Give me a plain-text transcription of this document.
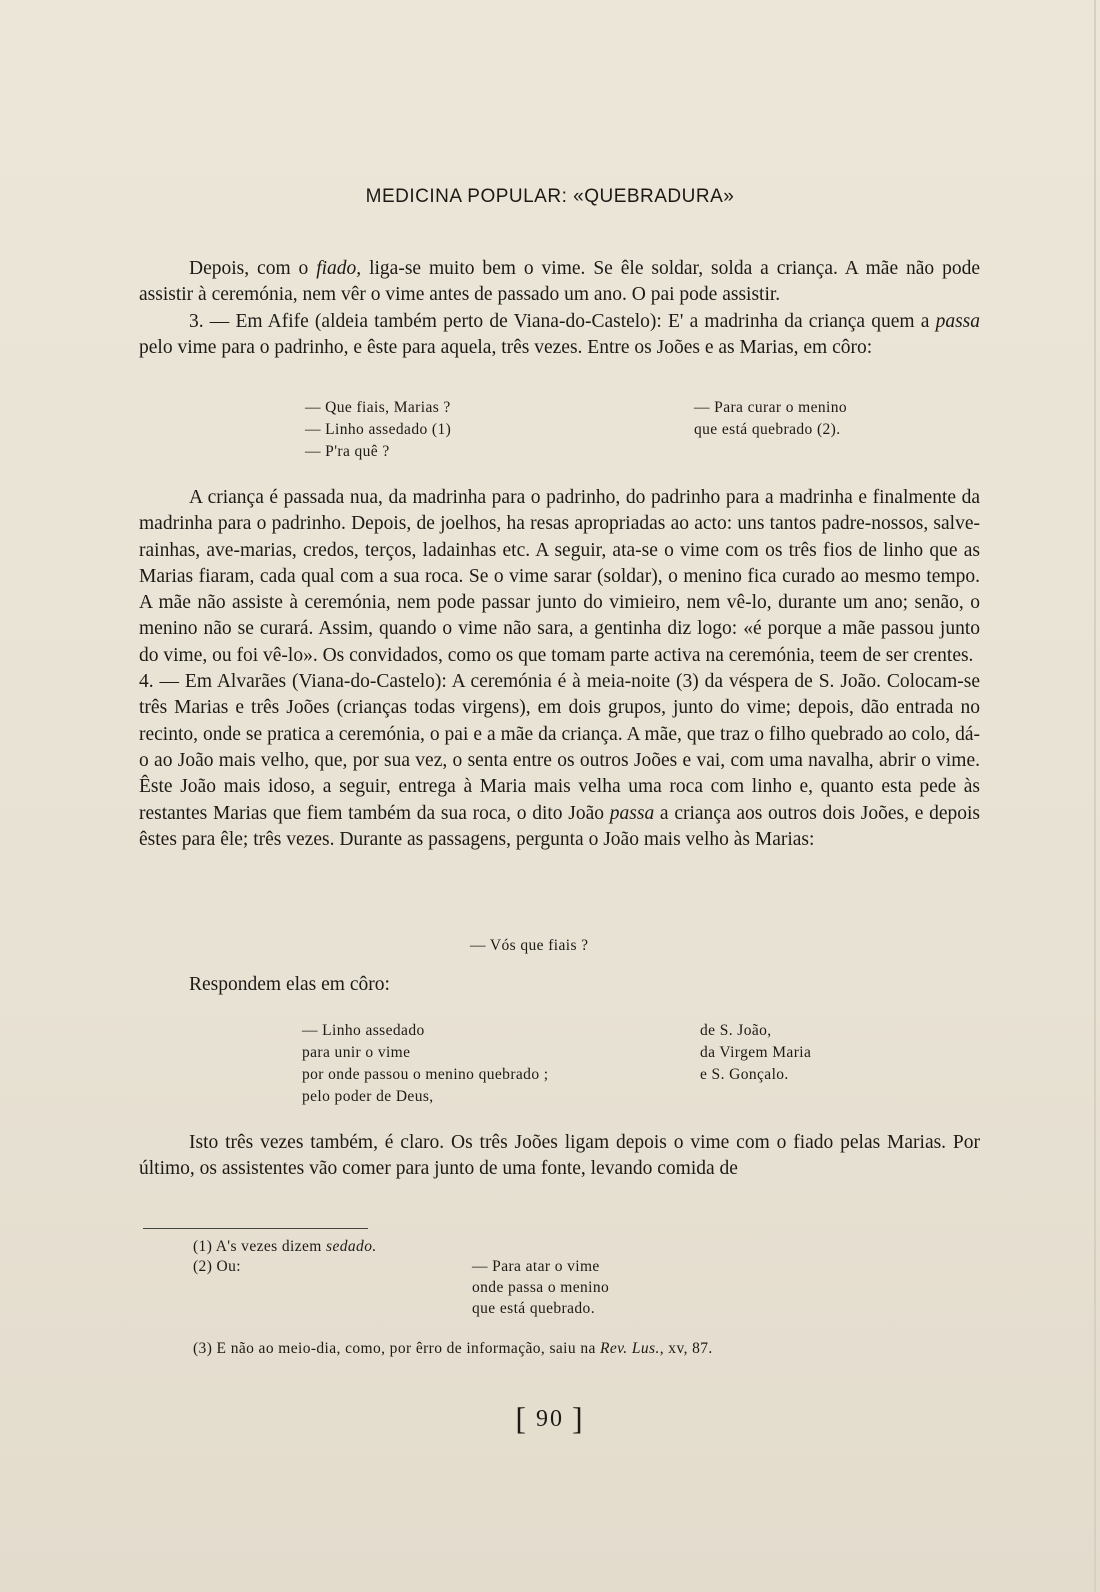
MEDICINA POPULAR: «QUEBRADURA»

Depois, com o fiado, liga-se muito bem o vime. Se êle soldar, solda a criança. A mãe não pode assistir à ceremónia, nem vêr o vime antes de passado um ano. O pai pode assistir.

3. — Em Afife (aldeia também perto de Viana-do-Castelo): E' a madrinha da criança quem a passa pelo vime para o padrinho, e êste para aquela, três vezes. Entre os Joões e as Marias, em côro:

— Que fiais, Marias ?
— Linho assedado (1)
— P'ra quê ?
— Para curar o menino
que está quebrado (2).

A criança é passada nua, da madrinha para o padrinho, do padrinho para a madrinha e finalmente da madrinha para o padrinho. Depois, de joelhos, ha resas apropriadas ao acto: uns tantos padre-nossos, salve-rainhas, ave-marias, credos, terços, ladainhas etc. A seguir, ata-se o vime com os três fios de linho que as Marias fiaram, cada qual com a sua roca. Se o vime sarar (soldar), o menino fica curado ao mesmo tempo. A mãe não assiste à ceremónia, nem pode passar junto do vimieiro, nem vê-lo, durante um ano; senão, o menino não se curará. Assim, quando o vime não sara, a gentinha diz logo: «é porque a mãe passou junto do vime, ou foi vê-lo». Os convidados, como os que tomam parte activa na ceremónia, teem de ser crentes.

4. — Em Alvarães (Viana-do-Castelo): A ceremónia é à meia-noite (3) da véspera de S. João. Colocam-se três Marias e três Joões (crianças todas virgens), em dois grupos, junto do vime; depois, dão entrada no recinto, onde se pratica a ceremónia, o pai e a mãe da criança. A mãe, que traz o filho quebrado ao colo, dá-o ao João mais velho, que, por sua vez, o senta entre os outros Joões e vai, com uma navalha, abrir o vime. Êste João mais idoso, a seguir, entrega à Maria mais velha uma roca com linho e, quanto esta pede às restantes Marias que fiem também da sua roca, o dito João

passa a criança aos outros dois Joões, e depois êstes para êle; três vezes. Durante as passagens, pergunta o João mais velho às Marias:
— Vós que fiais ?

Respondem elas em côro:

— Linho assedado
para unir o vime
por onde passou o menino quebrado ;
pelo poder de Deus,
de S. João,
da Virgem Maria
e S. Gonçalo.

Isto três vezes também, é claro. Os três Joões ligam depois o vime com o fiado pelas Marias. Por último, os assistentes vão comer para junto de uma fonte, levando comida de

(1) A's vezes dizem sedado.
(2) Ou:	— Para atar o vime
onde passa o menino
que está quebrado.
(3) E não ao meio-dia, como, por êrro de informação, saiu na Rev. Lus., xv, 87.
[ 90 ]
